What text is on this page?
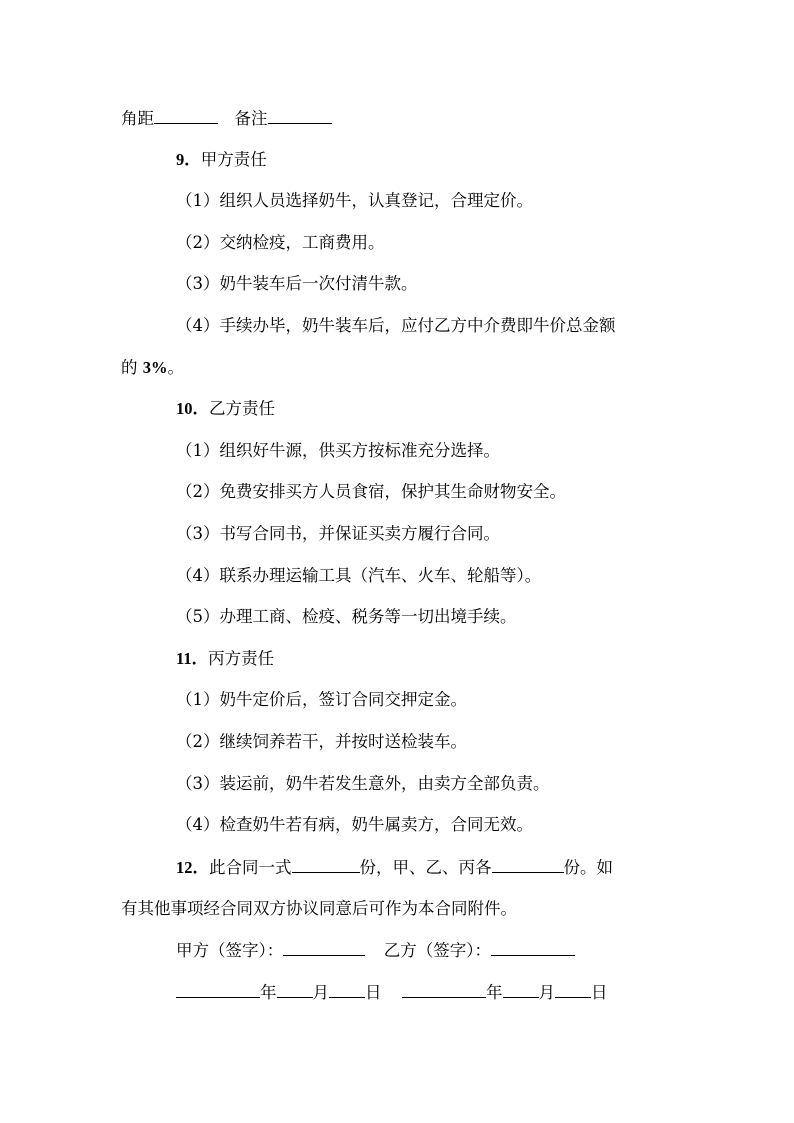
角距	备注
9．甲方责任
（1）组织人员选择奶牛，认真登记，合理定价。
（2）交纳检疫，工商费用。
（3）奶牛装车后一次付清牛款。
（4）手续办毕，奶牛装车后，应付乙方中介费即牛价总金额
的 3%。
10．乙方责任
（1）组织好牛源，供买方按标准充分选择。
（2）免费安排买方人员食宿，保护其生命财物安全。
（3）书写合同书，并保证买卖方履行合同。
（4）联系办理运输工具（汽车、火车、轮船等）。
（5）办理工商、检疫、税务等一切出境手续。
11．丙方责任
（1）奶牛定价后，签订合同交押定金。
（2）继续饲养若干，并按时送检装车。
（3）装运前，奶牛若发生意外，由卖方全部负责。
（4）检查奶牛若有病，奶牛属卖方，合同无效。
12．此合同一式	份，甲、乙、丙各	份。如
有其他事项经合同双方协议同意后可作为本合同附件。
甲方（签字）：	乙方（签字）：
年 月 日	年 月 日
